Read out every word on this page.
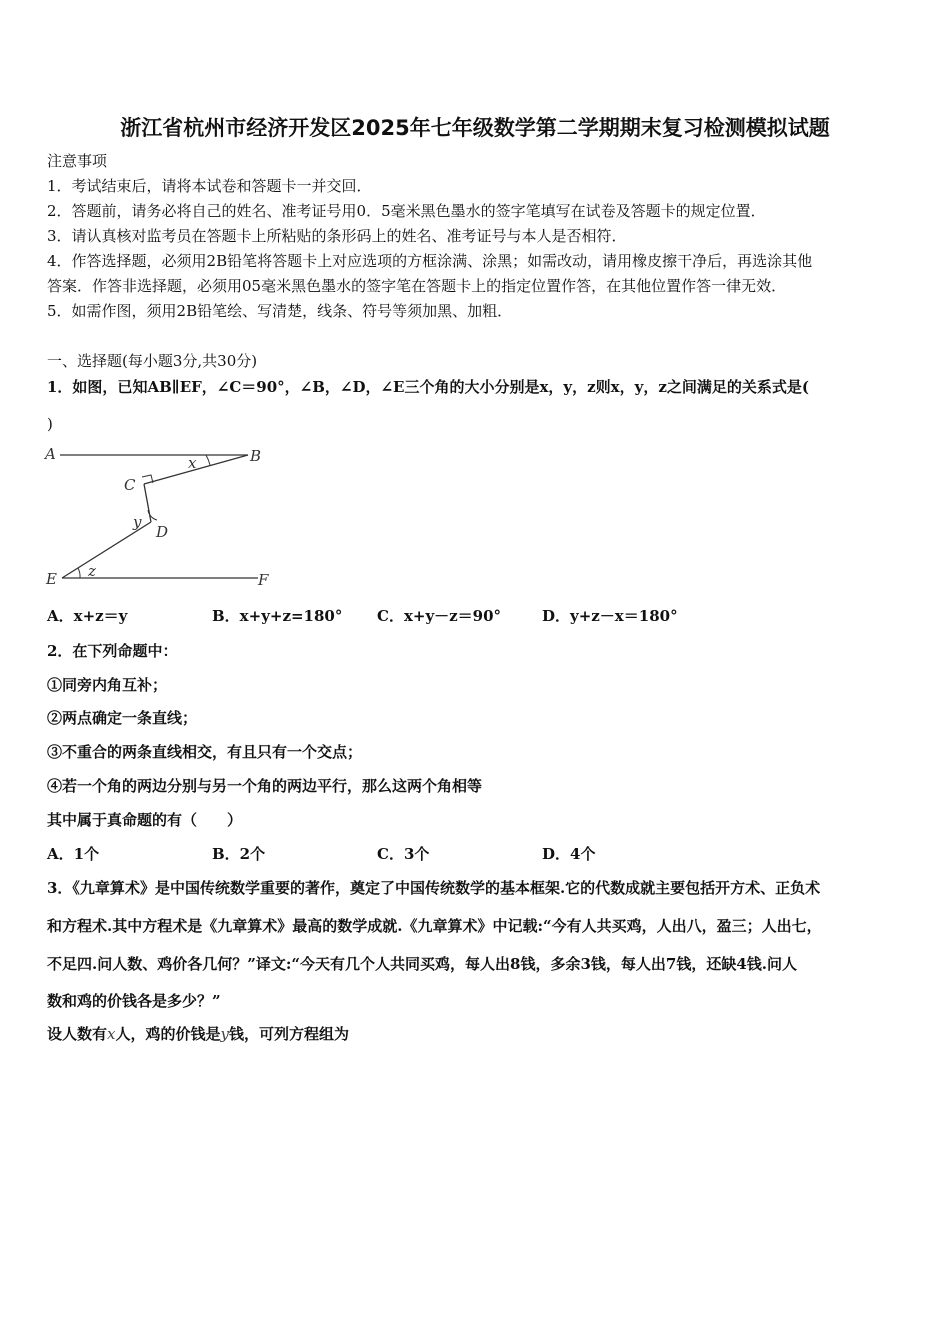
浙江省杭州市经济开发区2025年七年级数学第二学期期末复习检测模拟试题
注意事项
1．考试结束后，请将本试卷和答题卡一并交回．
2．答题前，请务必将自己的姓名、准考证号用0．5毫米黑色墨水的签字笔填写在试卷及答题卡的规定位置．
3．请认真核对监考员在答题卡上所粘贴的条形码上的姓名、准考证号与本人是否相符．
4．作答选择题，必须用2B铅笔将答题卡上对应选项的方框涂满、涂黑；如需改动，请用橡皮擦干净后，再选涂其他
答案．作答非选择题，必须用05毫米黑色墨水的签字笔在答题卡上的指定位置作答，在其他位置作答一律无效．
5．如需作图，须用2B铅笔绘、写清楚，线条、符号等须加黑、加粗．
一、选择题(每小题3分,共30分)
1．如图，已知AB∥EF，∠C＝90°，∠B，∠D，∠E三个角的大小分别是x，y，z则x，y，z之间满足的关系式是(
)
A	B
C
D
E	F
x
y
z
A．x+z＝y	B．x+y+z=180° C．x+y－z＝90°	D．y+z－x＝180°
2．在下列命题中：
①同旁内角互补；
②两点确定一条直线；
③不重合的两条直线相交，有且只有一个交点；
④若一个角的两边分别与另一个角的两边平行，那么这两个角相等
其中属于真命题的有（　　）
A．1个	B．2个	C．3个	D．4个
3．《九章算术》是中国传统数学重要的著作，奠定了中国传统数学的基本框架.它的代数成就主要包括开方术、正负术
和方程术.其中方程术是《九章算术》最高的数学成就.《九章算术》中记载:“今有人共买鸡，人出八，盈三；人出七，
不足四.问人数、鸡价各几何？”译文:“今天有几个人共同买鸡，每人出8钱，多余3钱，每人出7钱，还缺4钱.问人
数和鸡的价钱各是多少？”
设人数有x人，鸡的价钱是y钱，可列方程组为
